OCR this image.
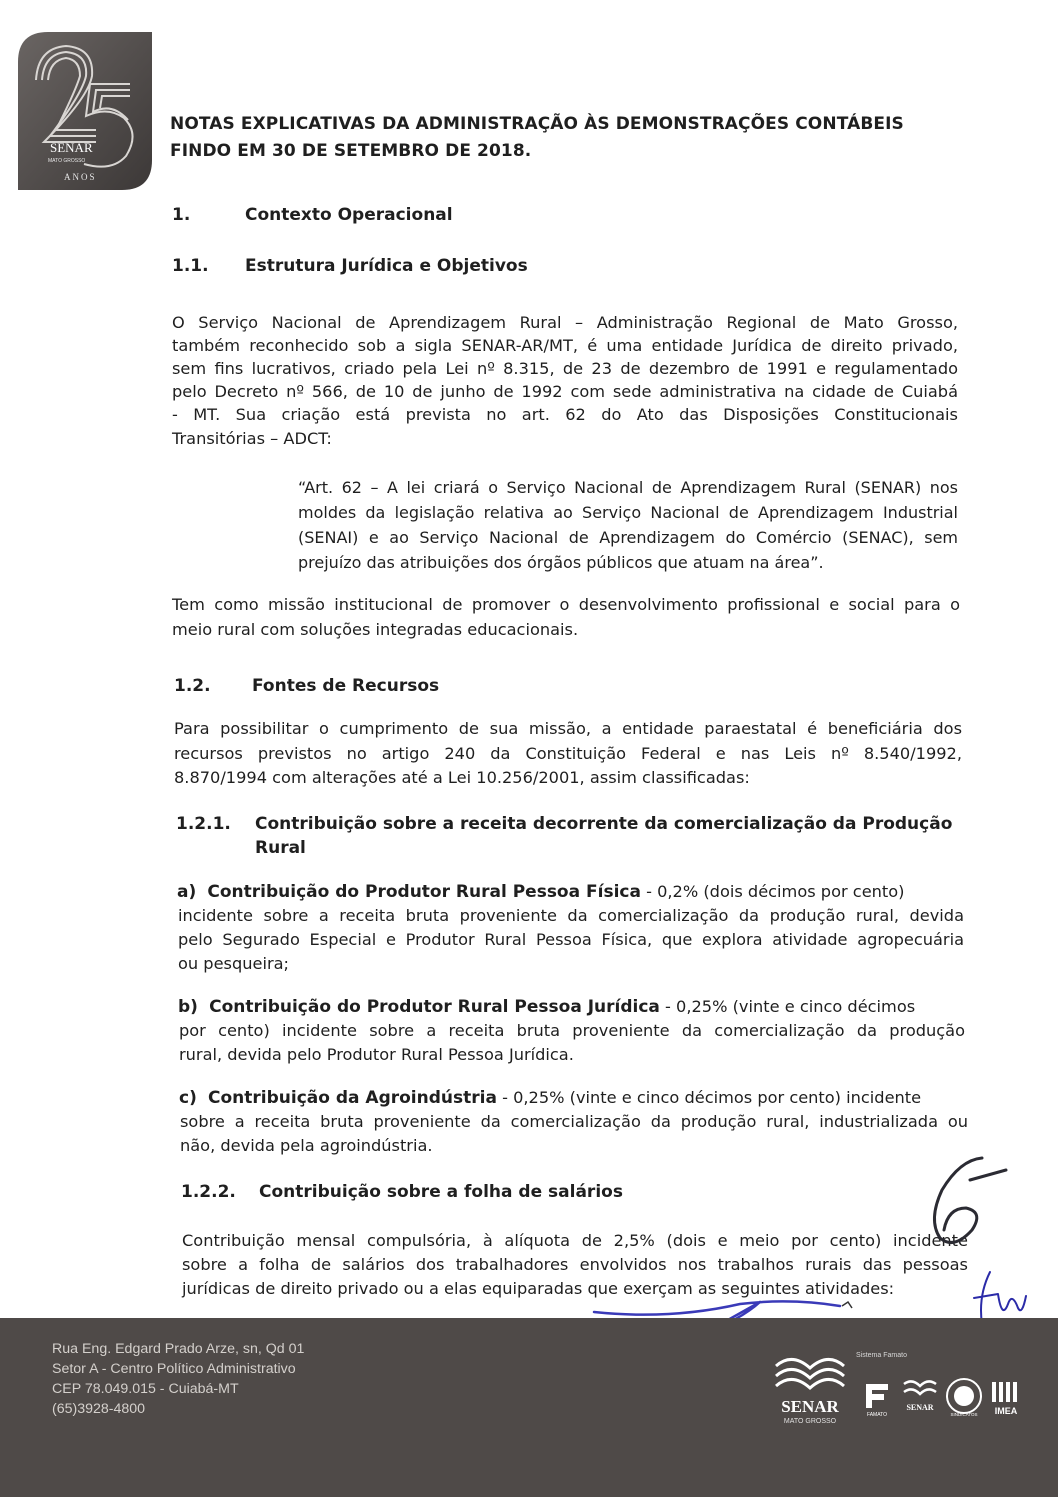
SENAR
MATO GROSSO
ANOS
NOTAS EXPLICATIVAS DA ADMINISTRAÇÃO ÀS DEMONSTRAÇÕES CONTÁBEIS
FINDO EM 30 DE SETEMBRO DE 2018.
1.	Contexto Operacional
1.1. Estrutura Jurídica e Objetivos
O Serviço Nacional de Aprendizagem Rural – Administração Regional de Mato Grosso,
também reconhecido sob a sigla SENAR-AR/MT, é uma entidade Jurídica de direito privado,
sem fins lucrativos, criado pela Lei nº 8.315, de 23 de dezembro de 1991 e regulamentado
pelo Decreto nº 566, de 10 de junho de 1992 com sede administrativa na cidade de Cuiabá
- MT. Sua criação está prevista no art. 62 do Ato das Disposições Constitucionais
Transitórias – ADCT:
“Art. 62 – A lei criará o Serviço Nacional de Aprendizagem Rural (SENAR) nos
moldes da legislação relativa ao Serviço Nacional de Aprendizagem Industrial
(SENAI) e ao Serviço Nacional de Aprendizagem do Comércio (SENAC), sem
prejuízo das atribuições dos órgãos públicos que atuam na área”.
Tem como missão institucional de promover o desenvolvimento profissional e social para o
meio rural com soluções integradas educacionais.
1.2. Fontes de Recursos
Para possibilitar o cumprimento de sua missão, a entidade paraestatal é beneficiária dos
recursos previstos no artigo 240 da Constituição Federal e nas Leis nº 8.540/1992,
8.870/1994 com alterações até a Lei 10.256/2001, assim classificadas:
1.2.1. Contribuição sobre a receita decorrente da comercialização da Produção
Rural
a) Contribuição do Produtor Rural Pessoa Física - 0,2% (dois décimos por cento)
incidente sobre a receita bruta proveniente da comercialização da produção rural, devida
pelo Segurado Especial e Produtor Rural Pessoa Física, que explora atividade agropecuária
ou pesqueira;
b) Contribuição do Produtor Rural Pessoa Jurídica - 0,25% (vinte e cinco décimos
por cento) incidente sobre a receita bruta proveniente da comercialização da produção
rural, devida pelo Produtor Rural Pessoa Jurídica.
c) Contribuição da Agroindústria - 0,25% (vinte e cinco décimos por cento) incidente
sobre a receita bruta proveniente da comercialização da produção rural, industrializada ou
não, devida pela agroindústria.
1.2.2. Contribuição sobre a folha de salários
Contribuição mensal compulsória, à alíquota de 2,5% (dois e meio por cento) incidente
sobre a folha de salários dos trabalhadores envolvidos nos trabalhos rurais das pessoas
jurídicas de direito privado ou a elas equiparadas que exerçam as seguintes atividades:
Rua Eng. Edgard Prado Arze, sn, Qd 01
Setor A - Centro Político Administrativo
CEP 78.049.015 - Cuiabá-MT
(65)3928-4800	SENAR
MATO GROSSO
Sistema Famato
FAMATO
SENAR
SINDICATOS IMEA
